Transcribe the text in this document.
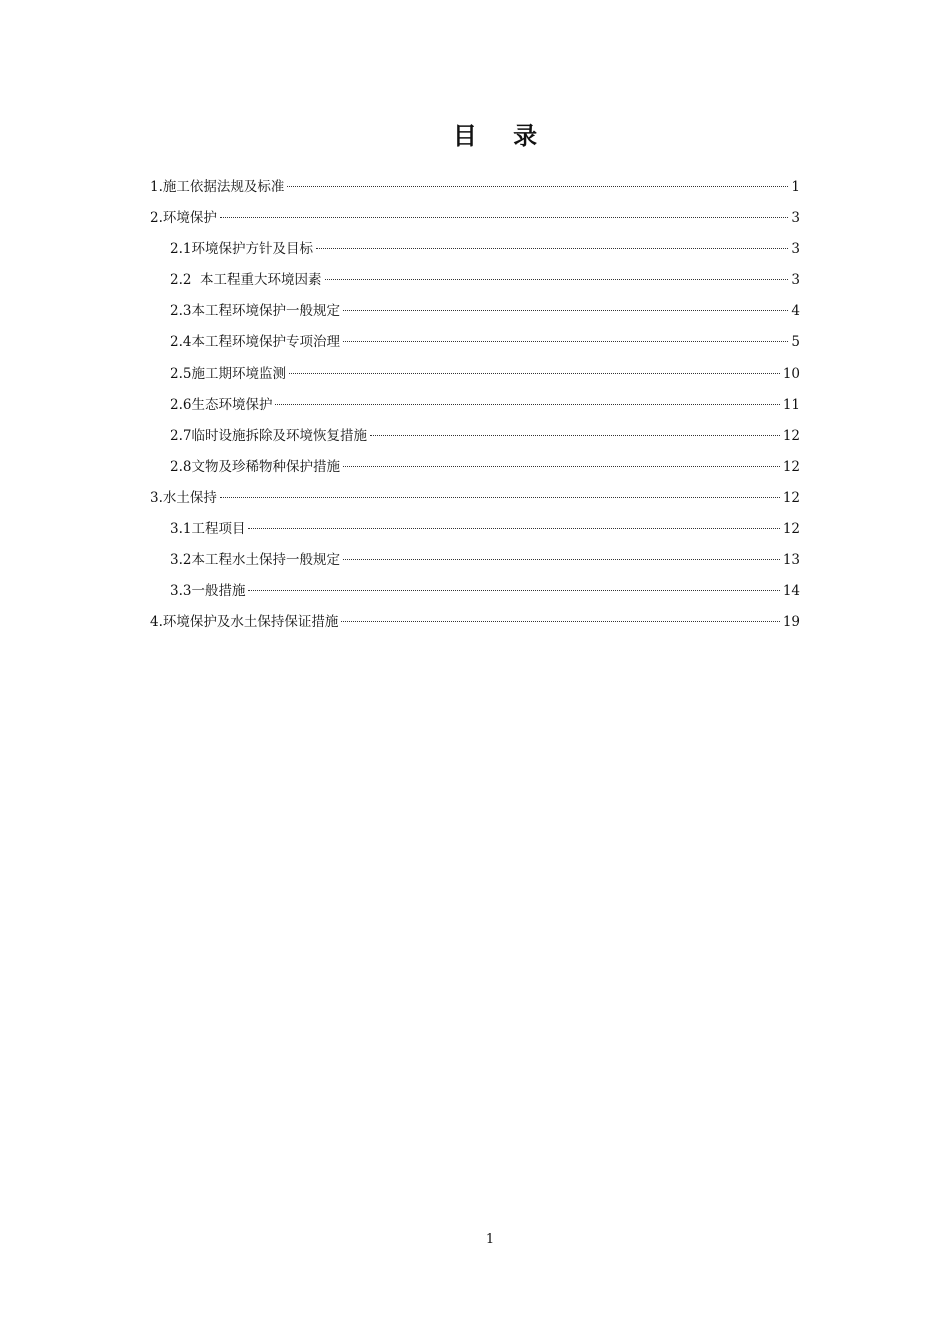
目 录
1.施工依据法规及标准	1
2.环境保护	3
2.1环境保护方针及目标	3
2.2  本工程重大环境因素	3
2.3本工程环境保护一般规定	4
2.4本工程环境保护专项治理	5
2.5施工期环境监测	10
2.6生态环境保护	11
2.7临时设施拆除及环境恢复措施	12
2.8文物及珍稀物种保护措施	12
3.水土保持	12
3.1工程项目	12
3.2本工程水土保持一般规定	13
3.3一般措施	14
4.环境保护及水土保持保证措施	19
1
